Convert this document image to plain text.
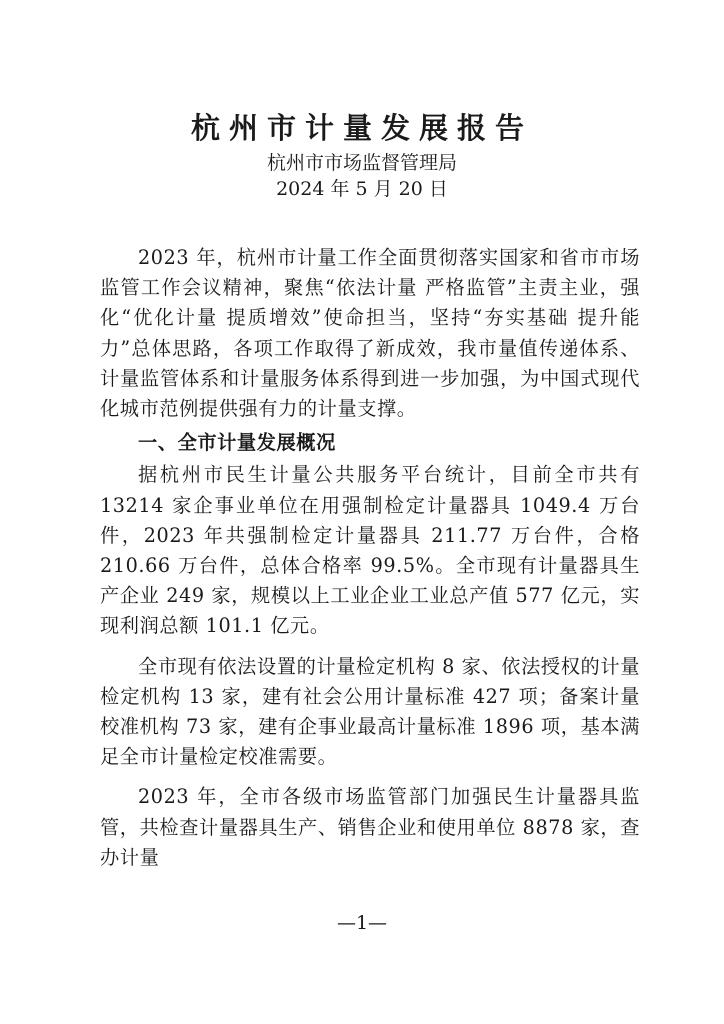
杭州市计量发展报告
杭州市市场监督管理局
2024 年 5 月 20 日

2023 年，杭州市计量工作全面贯彻落实国家和省市市场监管工作会议精神，聚焦“依法计量 严格监管”主责主业，强化“优化计量 提质增效”使命担当，坚持“夯实基础 提升能力”总体思路，各项工作取得了新成效，我市量值传递体系、计量监管体系和计量服务体系得到进一步加强，为中国式现代化城市范例提供强有力的计量支撑。

一、全市计量发展概况

据杭州市民生计量公共服务平台统计，目前全市共有 13214 家企事业单位在用强制检定计量器具 1049.4 万台件，2023 年共强制检定计量器具 211.77 万台件，合格 210.66 万台件，总体合格率 99.5%。全市现有计量器具生产企业 249 家，规模以上工业企业工业总产值 577 亿元，实现利润总额 101.1 亿元。

全市现有依法设置的计量检定机构 8 家、依法授权的计量检定机构 13 家，建有社会公用计量标准 427 项；备案计量校准机构 73 家，建有企事业最高计量标准 1896 项，基本满足全市计量检定校准需要。

2023 年，全市各级市场监管部门加强民生计量器具监管，共检查计量器具生产、销售企业和使用单位 8878 家，查办计量

—1—
